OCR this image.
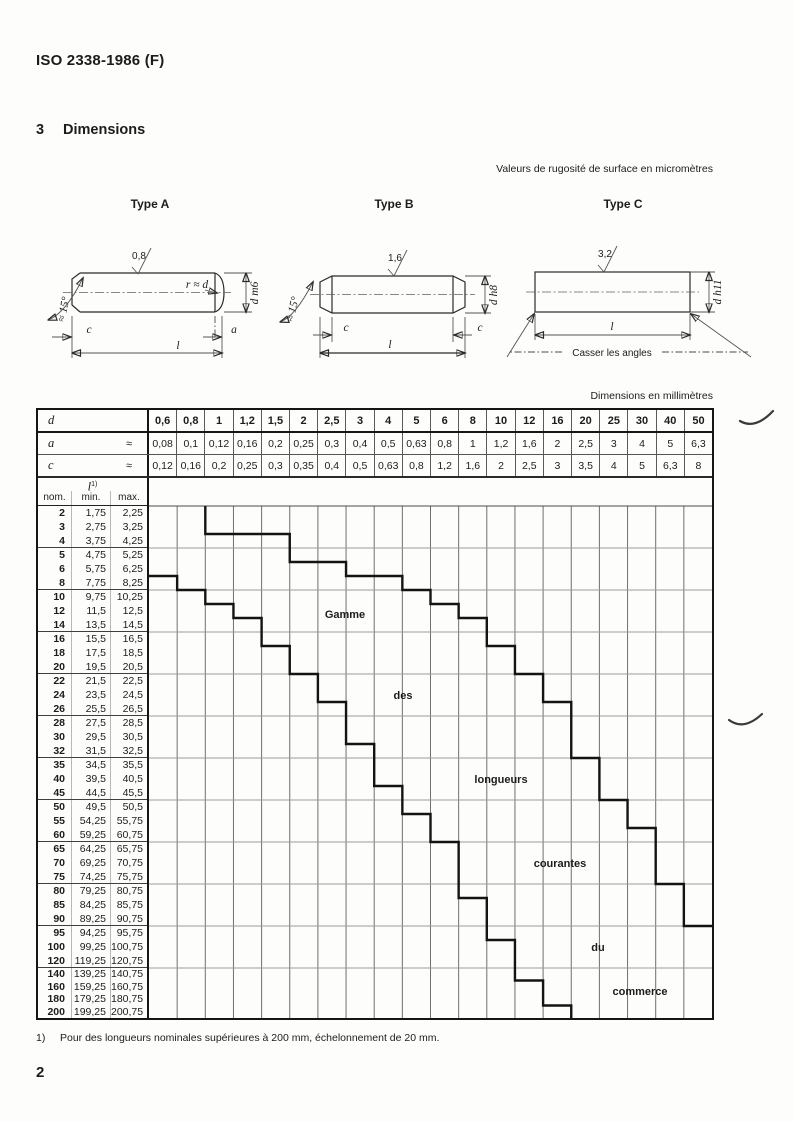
ISO 2338-1986 (F)
3 Dimensions
Valeurs de rugosité de surface en micromètres
Type A	Type B	Type C
0,8
r ≈ d	d m6
≈ 15°
c	a
l
1,6
d h8
≈ 15°
c	c
l
3,2
d h11
l
Casser les angles
Dimensions en millimètres
d	0,6	0,8	1	1,2	1,5	2	2,5	3	4	5	6	8	10	12	16	20	25	30	40	50
a	≈	0,08	0,1	0,12 0,16	0,2	0,25	0,3	0,4	0,5	0,63	0,8	1	1,2	1,6	2	2,5	3	4	5	6,3
c	≈	0,12 0,16	0,2	0,25	0,3	0,35	0,4	0,5	0,63	0,8	1,2	1,6	2	2,5	3	3,5	4	5	6,3	8
$l^{1)}$
nom.	min.	max.
2	1,75	2,25
3	2,75	3,25
4	3,75	4,25
5	4,75	5,25
6	5,75	6,25
8	7,75	8,25
10	9,75	10,25
12	11,5	12,5
14	13,5	14,5
16	15,5	16,5
18	17,5	18,5
20	19,5	20,5
22	21,5	22,5
24	23,5	24,5
26	25,5	26,5
28	27,5	28,5
30	29,5	30,5
32	31,5	32,5
35	34,5	35,5
40	39,5	40,5
45	44,5	45,5
50	49,5	50,5
55	54,25	55,75
60	59,25	60,75
65	64,25	65,75
70	69,25	70,75
75	74,25	75,75
80	79,25	80,75
85	84,25	85,75
90	89,25	90,75
95	94,25	95,75
100	99,25 100,75
120 119,25 120,75
140 139,25 140,75
160 159,25 160,75
180 179,25 180,75
200 199,25 200,75
Gamme
des
longueurs
courantes
du
commerce
1)	Pour des longueurs nominales supérieures à 200 mm, échelonnement de 20 mm.
2
